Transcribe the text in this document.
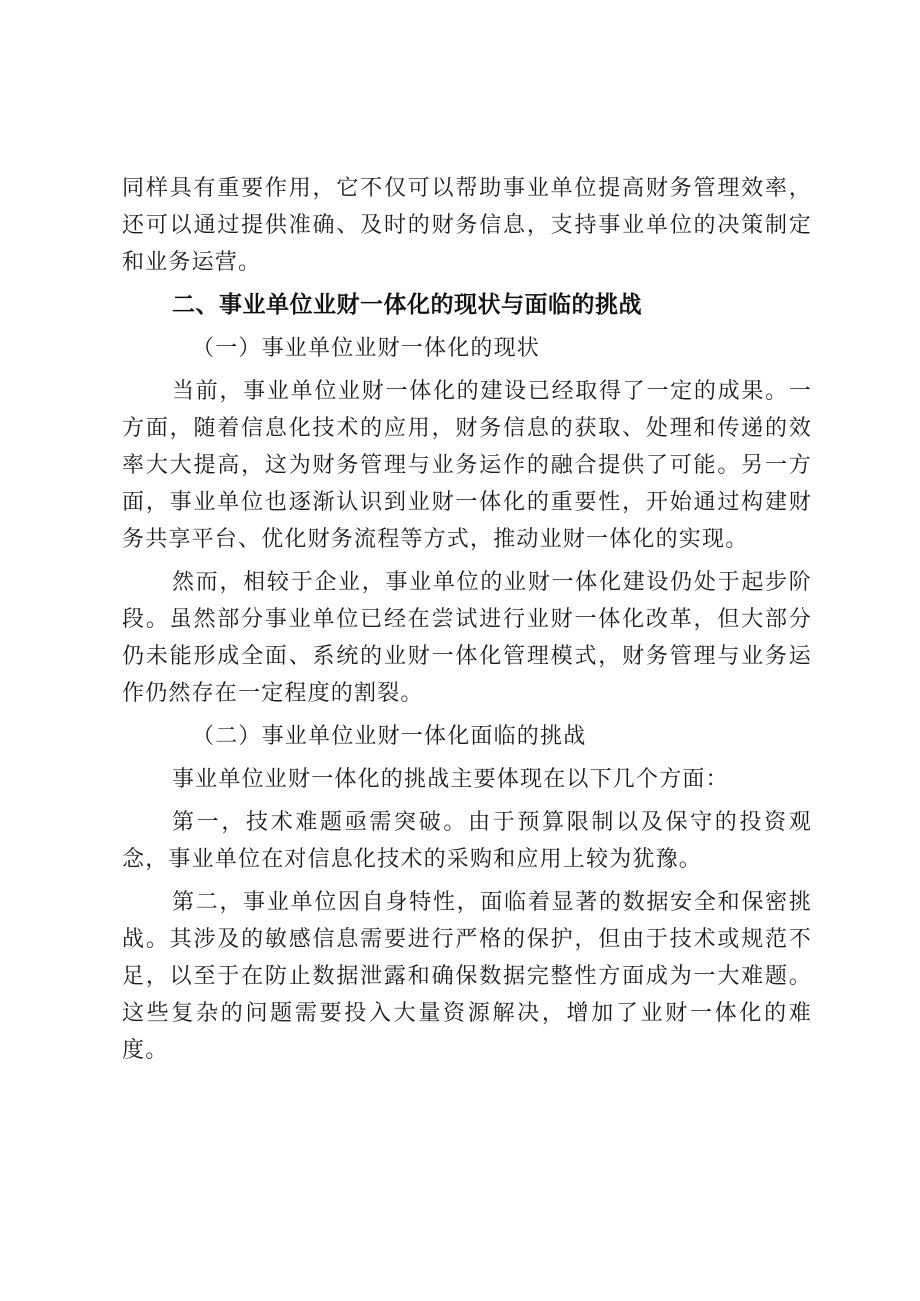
同样具有重要作用，它不仅可以帮助事业单位提高财务管理效率，还可以通过提供准确、及时的财务信息，支持事业单位的决策制定和业务运营。

二、事业单位业财一体化的现状与面临的挑战

（一）事业单位业财一体化的现状

当前，事业单位业财一体化的建设已经取得了一定的成果。一方面，随着信息化技术的应用，财务信息的获取、处理和传递的效率大大提高，这为财务管理与业务运作的融合提供了可能。另一方面，事业单位也逐渐认识到业财一体化的重要性，开始通过构建财务共享平台、优化财务流程等方式，推动业财一体化的实现。

然而，相较于企业，事业单位的业财一体化建设仍处于起步阶段。虽然部分事业单位已经在尝试进行业财一体化改革，但大部分仍未能形成全面、系统的业财一体化管理模式，财务管理与业务运作仍然存在一定程度的割裂。

（二）事业单位业财一体化面临的挑战

事业单位业财一体化的挑战主要体现在以下几个方面：

第一，技术难题亟需突破。由于预算限制以及保守的投资观念，事业单位在对信息化技术的采购和应用上较为犹豫。

第二，事业单位因自身特性，面临着显著的数据安全和保密挑战。其涉及的敏感信息需要进行严格的保护，但由于技术或规范不足，以至于在防止数据泄露和确保数据完整性方面成为一大难题。这些复杂的问题需要投入大量资源解决，增加了业财一体化的难度。
